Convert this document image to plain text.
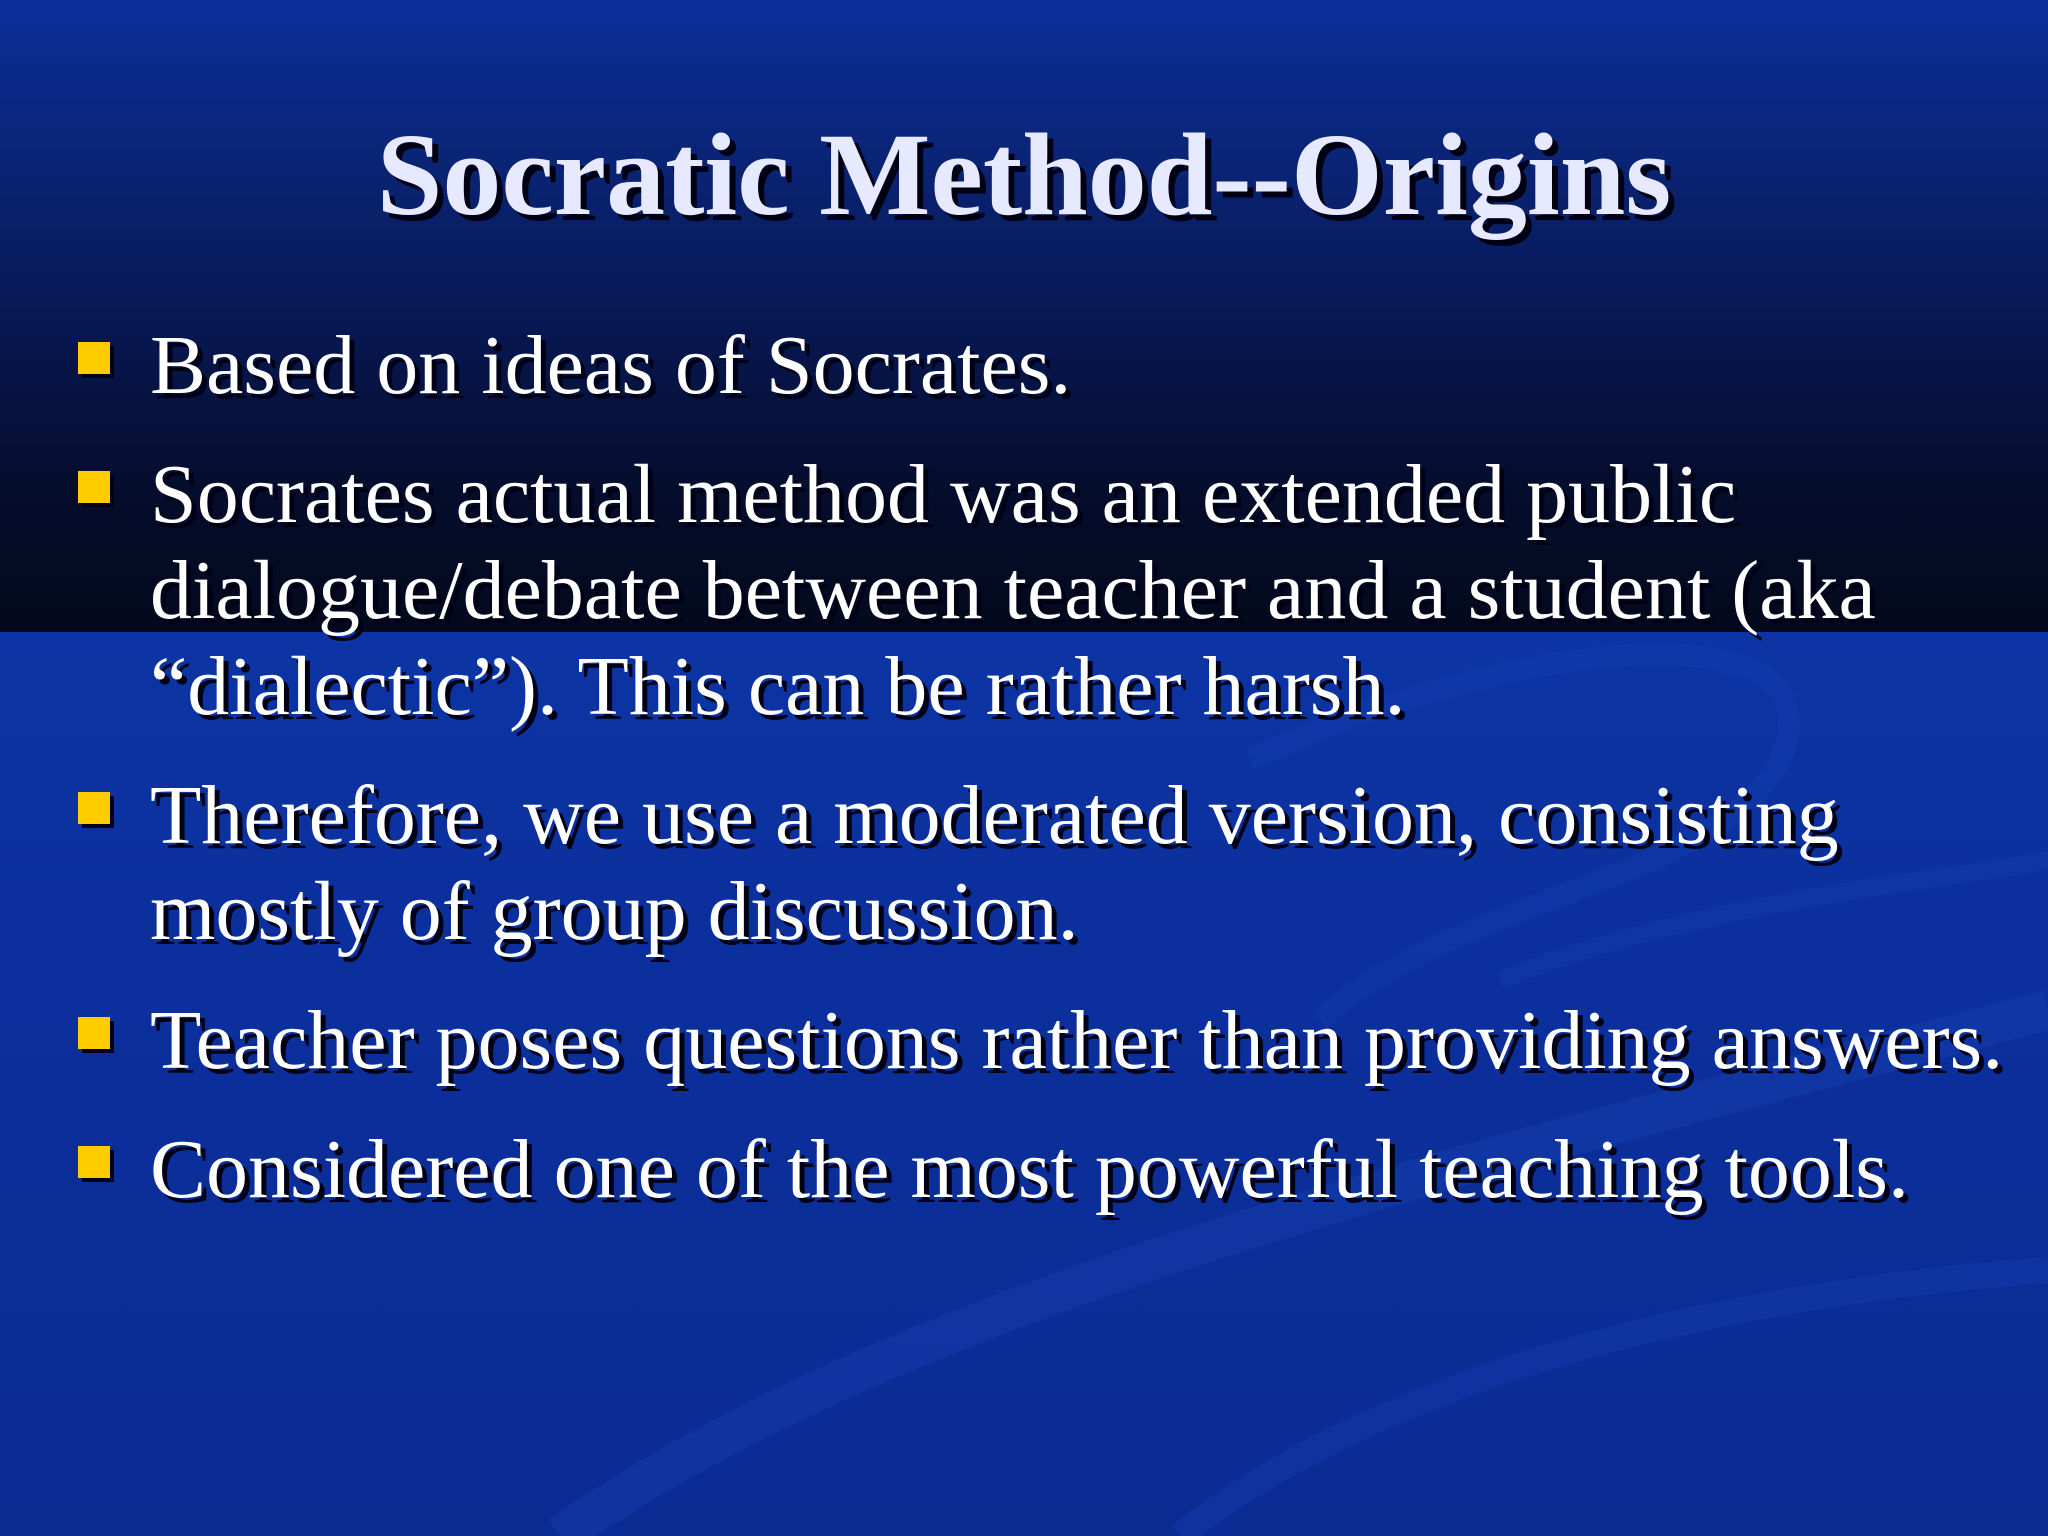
Socratic Method--Origins
Based on ideas of Socrates.
Socrates actual method was an extended public dialogue/debate between teacher and a student (aka “dialectic”). This can be rather harsh.
Therefore, we use a moderated version, consisting mostly of group discussion.
Teacher poses questions rather than providing answers.
Considered one of the most powerful teaching tools.
